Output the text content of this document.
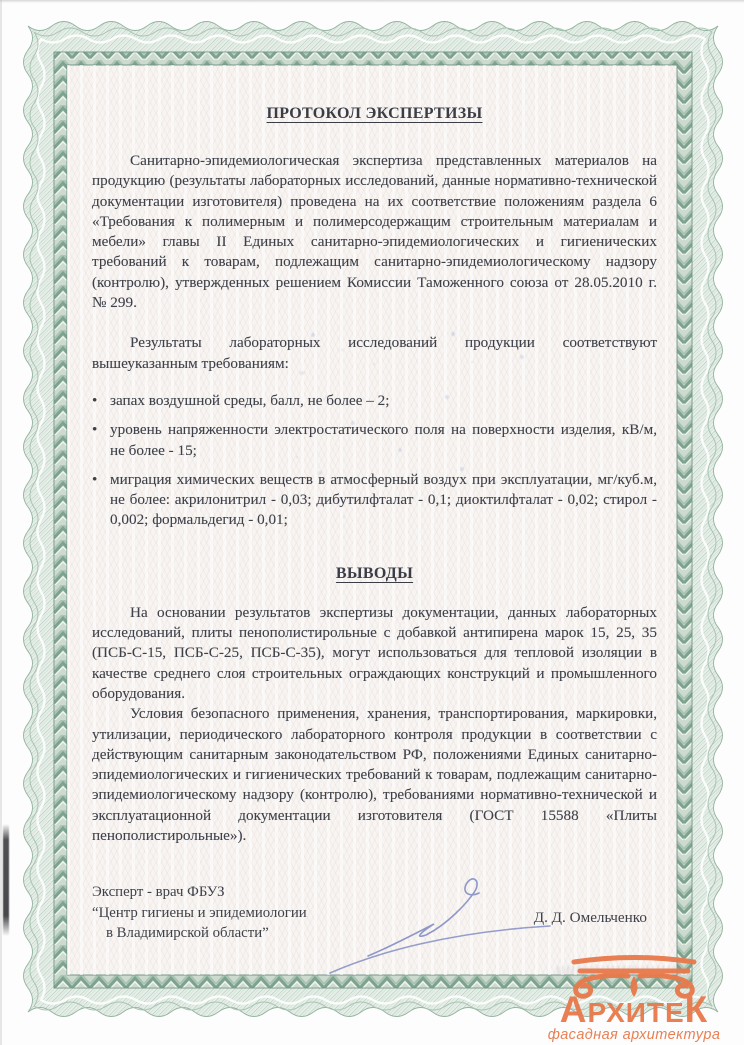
ПРОТОКОЛ ЭКСПЕРТИЗЫ

Санитарно-эпидемиологическая экспертиза представленных материалов на продукцию (результаты лабораторных исследований, данные нормативно-технической документации изготовителя) проведена на их соответствие положениям раздела 6 «Требования к полимерным и полимерсодержащим строительным материалам и мебели» главы II Единых санитарно-эпидемиологических и гигиенических требований к товарам, подлежащим санитарно-эпидемиологическому надзору (контролю), утвержденных решением Комиссии Таможенного союза от 28.05.2010 г. № 299.

Результаты лабораторных исследований продукции соответствуют вышеуказанным требованиям:

• запах воздушной среды, балл, не более – 2;
• уровень напряженности электростатического поля на поверхности изделия, кВ/м, не более - 15;
• миграция химических веществ в атмосферный воздух при эксплуатации, мг/куб.м, не более: акрилонитрил - 0,03; дибутилфталат - 0,1; диоктилфталат - 0,02; стирол - 0,002; формальдегид - 0,01;
ВЫВОДЫ

На основании результатов экспертизы документации, данных лабораторных исследований, плиты пенополистирольные с добавкой антипирена марок 15, 25, 35 (ПСБ-С-15, ПСБ-С-25, ПСБ-С-35), могут использоваться для тепловой изоляции в качестве среднего слоя строительных ограждающих конструкций и промышленного оборудования.

Условия безопасного применения, хранения, транспортирования, маркировки, утилизации, периодического лабораторного контроля продукции в соответствии с действующим санитарным законодательством РФ, положениями Единых санитарно-эпидемиологических и гигиенических требований к товарам, подлежащим санитарно-эпидемиологическому надзору (контролю), требованиями нормативно-технической и эксплуатационной документации изготовителя (ГОСТ 15588 «Плиты пенополистирольные»).

Эксперт - врач ФБУЗ
“Центр гигиены и эпидемиологии
в Владимирской области”
Д. Д. Омельченко
АРХИТЕК
фасадная архитектура
